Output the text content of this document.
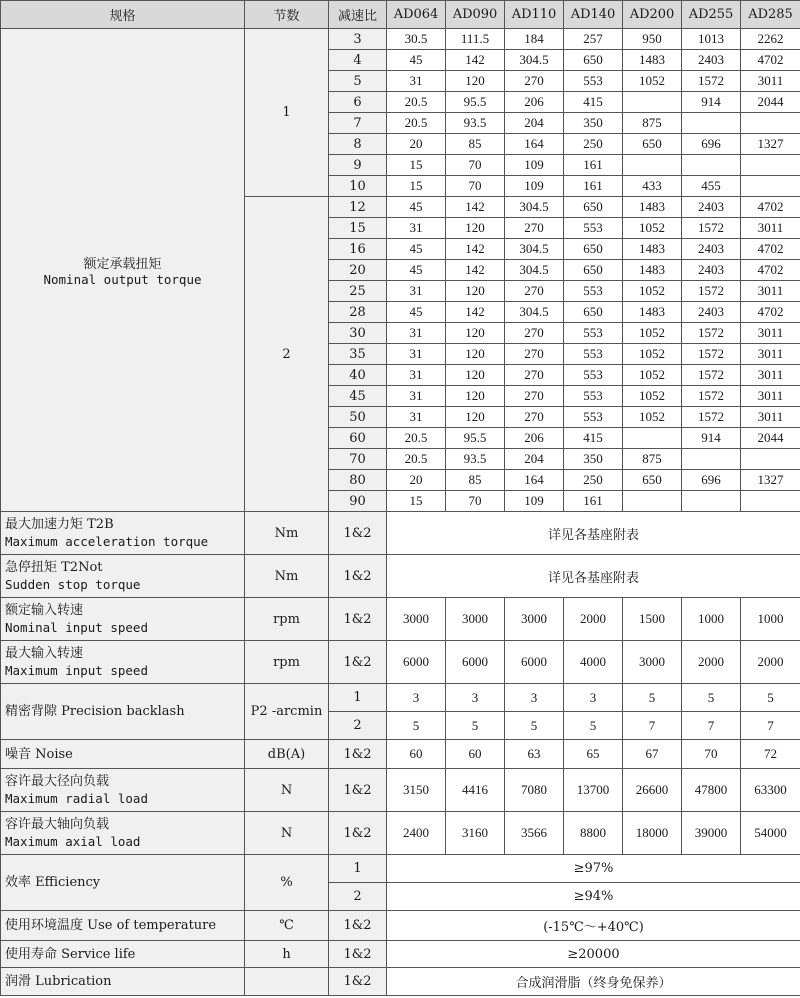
规格	节数	减速比	AD064	AD090	AD110	AD140	AD200	AD255	AD285

额定承载扭矩
Nominal output torque	1	3	30.5	111.5	184	257	950	1013	2262
		4	45	142	304.5	650	1483	2403	4702
		5	31	120	270	553	1052	1572	3011
		6	20.5	95.5	206	415		914	2044
		7	20.5	93.5	204	350	875		
		8	20	85	164	250	650	696	1327
		9	15	70	109	161			
		10	15	70	109	161	433	455	
	2	12	45	142	304.5	650	1483	2403	4702
		15	31	120	270	553	1052	1572	3011
		16	45	142	304.5	650	1483	2403	4702
		20	45	142	304.5	650	1483	2403	4702
		25	31	120	270	553	1052	1572	3011
		28	45	142	304.5	650	1483	2403	4702
		30	31	120	270	553	1052	1572	3011
		35	31	120	270	553	1052	1572	3011
		40	31	120	270	553	1052	1572	3011
		45	31	120	270	553	1052	1572	3011
		50	31	120	270	553	1052	1572	3011
		60	20.5	95.5	206	415		914	2044
		70	20.5	93.5	204	350	875		
		80	20	85	164	250	650	696	1327
		90	15	70	109	161			

最大加速力矩 T2B
Maximum acceleration torque	Nm	1&2	详见各基座附表						

急停扭矩 T2Not
Sudden stop torque	Nm	1&2	详见各基座附表						

额定输入转速
Nominal input speed	rpm	1&2	3000	3000	3000	2000	1500	1000	1000

最大输入转速
Maximum input speed	rpm	1&2	6000	6000	6000	4000	3000	2000	2000
精密背隙 Precision backlash	P2 -arcmin	1	3	3	3	3	5	5	5
		2	5	5	5	5	7	7	7
噪音 Noise	dB(A)	1&2	60	60	63	65	67	70	72

容许最大径向负载
Maximum radial load	N	1&2	3150	4416	7080	13700	26600	47800	63300

容许最大轴向负载
Maximum axial load	N	1&2	2400	3160	3566	8800	18000	39000	54000
效率 Efficiency	%	1	≥97%						
		2	≥94%						
使用环境温度 Use of temperature	℃	1&2	(-15℃～+40℃)						
使用寿命 Service life	h	1&2	≥20000						
润滑 Lubrication		1&2	合成润滑脂（终身免保养）						
